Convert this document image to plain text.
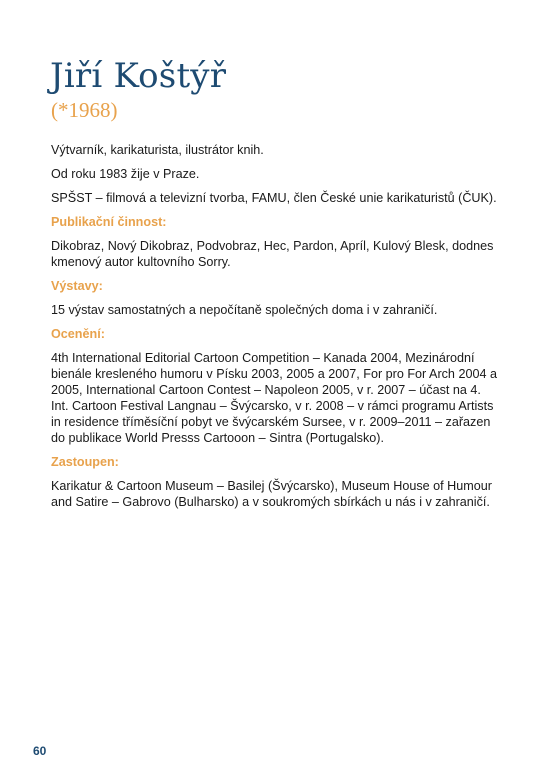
Jiří Koštýř
(*1968)

Výtvarník, karikaturista, ilustrátor knih.

Od roku 1983 žije v Praze.

SPŠST – filmová a televizní tvorba, FAMU, člen České unie karikaturistů (ČUK).

Publikační činnost:

Dikobraz, Nový Dikobraz, Podvobraz, Hec, Pardon, Apríl, Kulový Blesk, dodnes kmenový autor kultovního Sorry.

Výstavy:

15 výstav samostatných a nepočítaně společných doma i v zahraničí.

Ocenění:

4th International Editorial Cartoon Competition – Kanada 2004, Mezinárodní bienále kresleného humoru v Písku 2003, 2005 a 2007, For pro For Arch 2004 a 2005, International Cartoon Contest – Napoleon 2005, v r. 2007 – účast na 4. Int. Cartoon Festival Langnau – Švýcarsko, v r. 2008 – v rámci programu Artists in residence tříměsíční pobyt ve švýcarském Sursee, v r. 2009–2011 – zařazen do publikace World Presss Cartooon – Sintra (Portugalsko).

Zastoupen:

Karikatur & Cartoon Museum – Basilej (Švýcarsko), Museum House of Humour and Satire – Gabrovo (Bulharsko) a v soukromých sbírkách u nás i v zahraničí.

60
